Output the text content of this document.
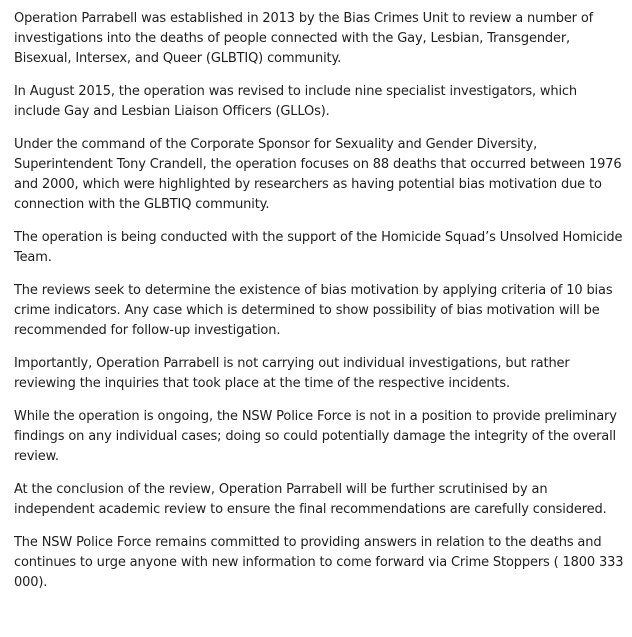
Operation Parrabell was established in 2013 by the Bias Crimes Unit to review a number of investigations into the deaths of people connected with the Gay, Lesbian, Transgender, Bisexual, Intersex, and Queer (GLBTIQ) community.

In August 2015, the operation was revised to include nine specialist investigators, which include Gay and Lesbian Liaison Officers (GLLOs).

Under the command of the Corporate Sponsor for Sexuality and Gender Diversity, Superintendent Tony Crandell, the operation focuses on 88 deaths that occurred between 1976 and 2000, which were highlighted by researchers as having potential bias motivation due to connection with the GLBTIQ community.

The operation is being conducted with the support of the Homicide Squad’s Unsolved Homicide Team.

The reviews seek to determine the existence of bias motivation by applying criteria of 10 bias crime indicators. Any case which is determined to show possibility of bias motivation will be recommended for follow-up investigation.

Importantly, Operation Parrabell is not carrying out individual investigations, but rather reviewing the inquiries that took place at the time of the respective incidents.

While the operation is ongoing, the NSW Police Force is not in a position to provide preliminary findings on any individual cases; doing so could potentially damage the integrity of the overall review.

At the conclusion of the review, Operation Parrabell will be further scrutinised by an independent academic review to ensure the final recommendations are carefully considered.

The NSW Police Force remains committed to providing answers in relation to the deaths and continues to urge anyone with new information to come forward via Crime Stoppers ( 1800 333 000).
